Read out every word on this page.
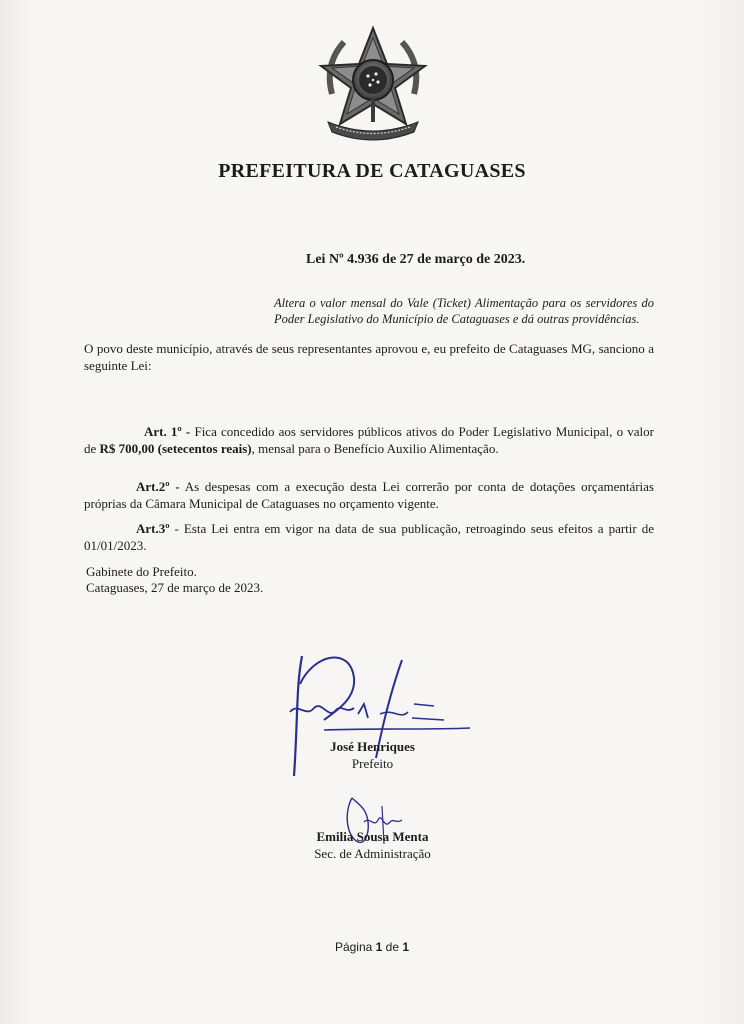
PREFEITURA DE CATAGUASES
Lei Nº 4.936 de 27 de março de 2023.
Altera o valor mensal do Vale (Ticket) Alimentação para os servidores do Poder Legislativo do Município de Cataguases e dá outras providências.
O povo deste município, através de seus representantes aprovou e, eu prefeito de Cataguases MG, sanciono a seguinte Lei:
Art. 1º - Fica concedido aos servidores públicos ativos do Poder Legislativo Municipal, o valor de R$ 700,00 (setecentos reais), mensal para o Benefício Auxilio Alimentação.
Art.2º - As despesas com a execução desta Lei correrão por conta de dotações orçamentárias próprias da Câmara Municipal de Cataguases no orçamento vigente.
Art.3º - Esta Lei entra em vigor na data de sua publicação, retroagindo seus efeitos a partir de 01/01/2023.
Gabinete do Prefeito.
Cataguases, 27 de março de 2023.
José Henriques
Prefeito
Emilia Sousa Menta
Sec. de Administração
Página 1 de 1
